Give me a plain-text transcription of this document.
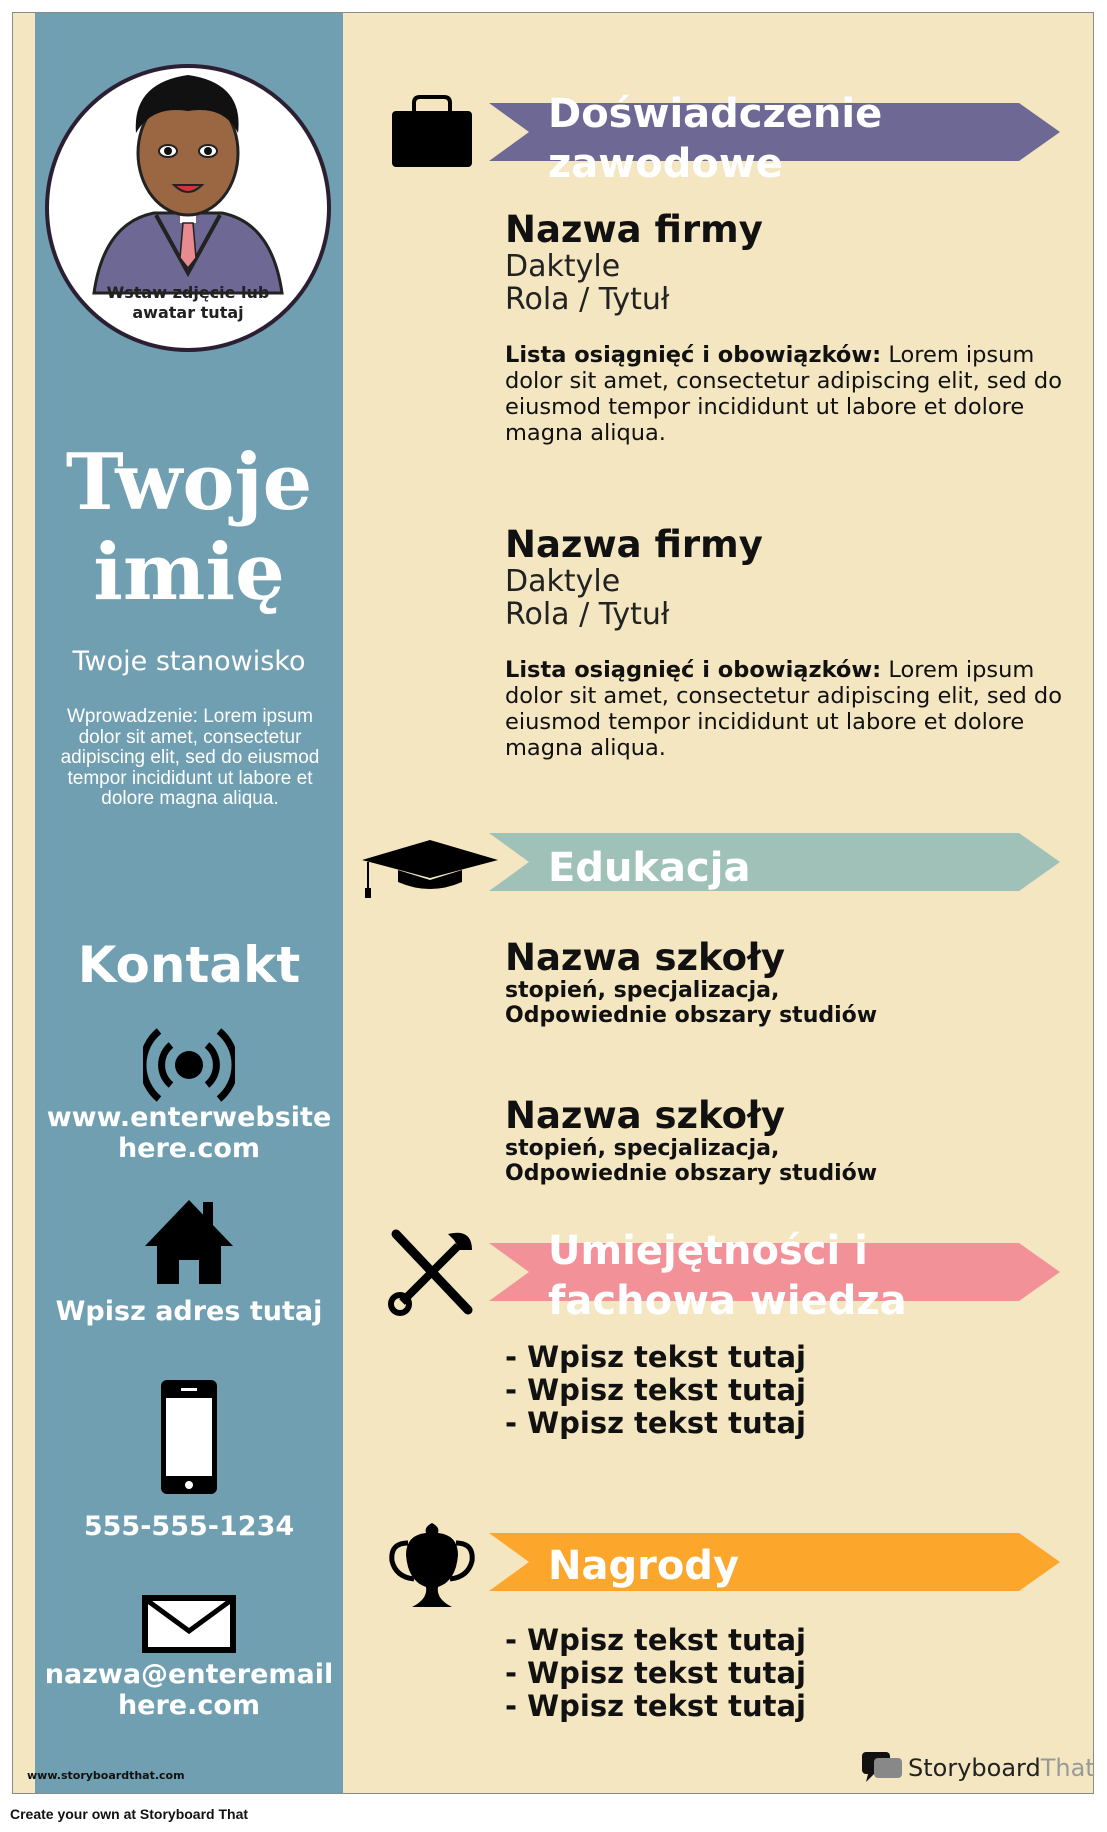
Wstaw zdjęcie lub awatar tutaj
Twoje
imię
Twoje stanowisko
Wprowadzenie: Lorem ipsum dolor sit amet, consectetur adipiscing elit, sed do eiusmod tempor incididunt ut labore et dolore magna aliqua.
Kontakt
www.enterwebsite
here.com
Wpisz adres tutaj
555-555-1234
nazwa@enteremail
here.com
www.storyboardthat.com
Doświadczenie
zawodowe
Nazwa firmy
Daktyle
Rola / Tytuł
Lista osiągnięć i obowiązków: Lorem ipsum dolor sit amet, consectetur adipiscing elit, sed do eiusmod tempor incididunt ut labore et dolore magna aliqua.
Nazwa firmy
Daktyle
Rola / Tytuł
Lista osiągnięć i obowiązków: Lorem ipsum dolor sit amet, consectetur adipiscing elit, sed do eiusmod tempor incididunt ut labore et dolore magna aliqua.
Edukacja
Nazwa szkoły
stopień, specjalizacja,
Odpowiednie obszary studiów
Nazwa szkoły
stopień, specjalizacja,
Odpowiednie obszary studiów
Umiejętności i
fachowa wiedza
- Wpisz tekst tutaj
- Wpisz tekst tutaj
- Wpisz tekst tutaj
Nagrody
- Wpisz tekst tutaj
- Wpisz tekst tutaj
- Wpisz tekst tutaj
Storyboard That
Create your own at Storyboard That
